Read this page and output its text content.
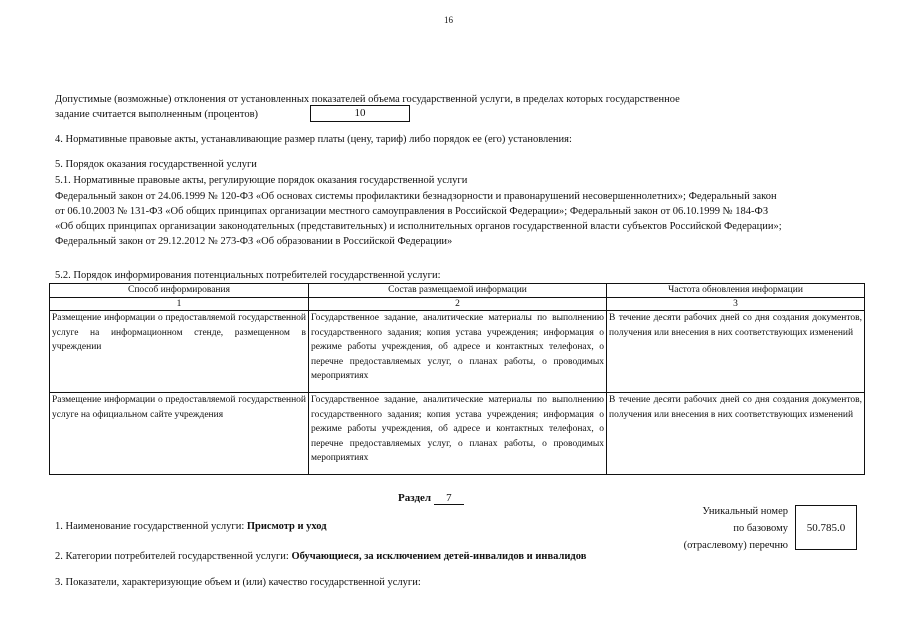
16
Допустимые (возможные) отклонения от установленных показателей объема государственной услуги, в пределах которых государственное
задание считается выполненным (процентов)	10
4. Нормативные правовые акты, устанавливающие размер платы (цену, тариф) либо порядок ее (его) установления:
5. Порядок оказания государственной услуги
5.1. Нормативные правовые акты, регулирующие порядок оказания государственной услуги
Федеральный закон от 24.06.1999 № 120-ФЗ «Об основах системы профилактики безнадзорности и правонарушений несовершеннолетних»; Федеральный закон
от 06.10.2003 № 131-ФЗ «Об общих принципах организации местного самоуправления в Российской Федерации»; Федеральный закон от 06.10.1999 № 184-ФЗ
«Об общих принципах организации законодательных (представительных) и исполнительных органов государственной власти субъектов Российской Федерации»;
Федеральный закон от 29.12.2012 № 273-ФЗ «Об образовании в Российской Федерации»
5.2. Порядок информирования потенциальных потребителей государственной услуги:
Способ информирования	Состав размещаемой информации	Частота обновления информации
1	2	3
Размещение информации о предоставляемой государственной услуге на информационном стенде, размещенном в учреждении	Государственное задание, аналитические материалы по выполнению государственного задания; копия устава учреждения; информация о режиме работы учреждения, об адресе и контактных телефонах, о перечне предоставляемых услуг, о планах работы, о проводимых мероприятиях	В течение десяти рабочих дней со дня создания документов, получения или внесения в них соответствующих изменений
Размещение информации о предоставляемой государственной услуге на официальном сайте учреждения	Государственное задание, аналитические материалы по выполнению государственного задания; копия устава учреждения; информация о режиме работы учреждения, об адресе и контактных телефонах, о перечне предоставляемых услуг, о планах работы, о проводимых мероприятиях	В течение десяти рабочих дней со дня создания документов, получения или внесения в них соответствующих изменений
Раздел 7
Уникальный номер
по базовому
(отраслевому) перечню
50.785.0
1. Наименование государственной услуги: Присмотр и уход
2. Категории потребителей государственной услуги: Обучающиеся, за исключением детей-инвалидов и инвалидов
3. Показатели, характеризующие объем и (или) качество государственной услуги:
